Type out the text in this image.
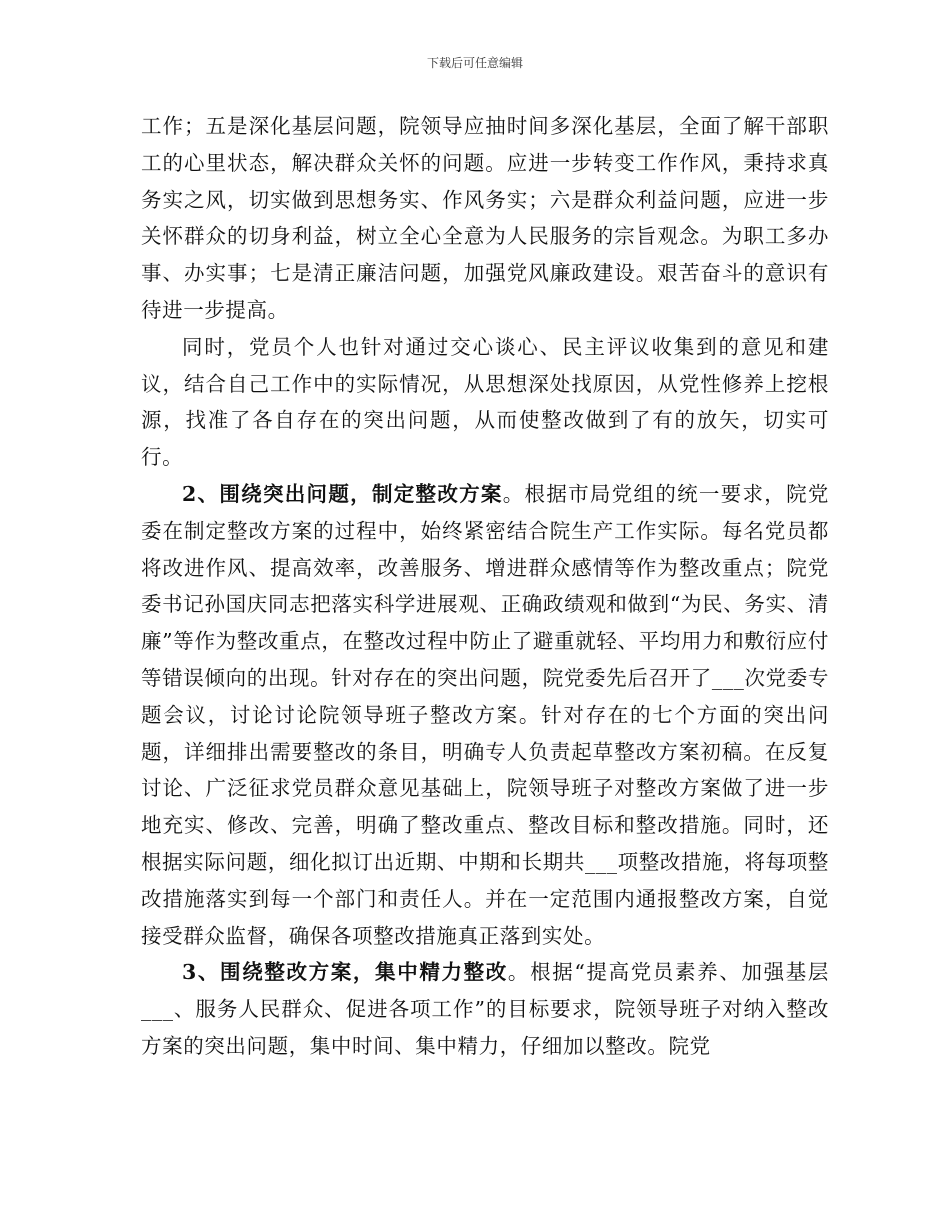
下载后可任意编辑

工作；五是深化基层问题，院领导应抽时间多深化基层，全面了解干部职工的心里状态，解决群众关怀的问题。应进一步转变工作作风，秉持求真务实之风，切实做到思想务实、作风务实；六是群众利益问题，应进一步关怀群众的切身利益，树立全心全意为人民服务的宗旨观念。为职工多办事、办实事；七是清正廉洁问题，加强党风廉政建设。艰苦奋斗的意识有待进一步提高。

同时，党员个人也针对通过交心谈心、民主评议收集到的意见和建议，结合自己工作中的实际情况，从思想深处找原因，从党性修养上挖根源，找准了各自存在的突出问题，从而使整改做到了有的放矢，切实可行。

2、围绕突出问题，制定整改方案。根据市局党组的统一要求，院党委在制定整改方案的过程中，始终紧密结合院生产工作实际。每名党员都将改进作风、提高效率，改善服务、增进群众感情等作为整改重点；院党委书记孙国庆同志把落实科学进展观、正确政绩观和做到“为民、务实、清廉”等作为整改重点，在整改过程中防止了避重就轻、平均用力和敷衍应付等错误倾向的出现。针对存在的突出问题，院党委先后召开了___次党委专题会议，讨论讨论院领导班子整改方案。针对存在的七个方面的突出问题，详细排出需要整改的条目，明确专人负责起草整改方案初稿。在反复讨论、广泛征求党员群众意见基础上，院领导班子对整改方案做了进一步地充实、修改、完善，明确了整改重点、整改目标和整改措施。同时，还根据实际问题，细化拟订出近期、中期和长期共___项整改措施，将每项整改措施落实到每一个部门和责任人。并在一定范围内通报整改方案，自觉接受群众监督，确保各项整改措施真正落到实处。

3、围绕整改方案，集中精力整改。根据“提高党员素养、加强基层___、服务人民群众、促进各项工作”的目标要求，院领导班子对纳入整改方案的突出问题，集中时间、集中精力，仔细加以整改。院党
